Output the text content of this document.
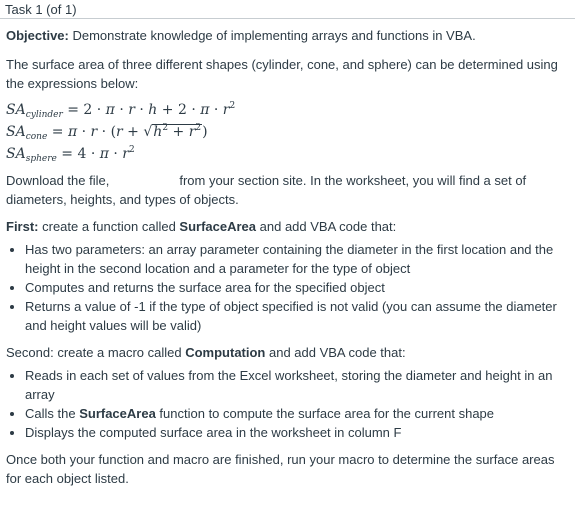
Task 1 (of 1)

Objective: Demonstrate knowledge of implementing arrays and functions in VBA.

The surface area of three different shapes (cylinder, cone, and sphere) can be determined using the expressions below:

$SA_{cylinder} = 2 \cdot \pi \cdot r \cdot h + 2 \cdot \pi \cdot r^2$
$SA_{cone} = \pi \cdot r \cdot (r + √h^2 + r^2)$
$SA_{sphere} = 4 \cdot \pi \cdot r^2$

Download the file,	from your section site. In the worksheet, you will find a set of diameters, heights, and types of objects.

First: create a function called SurfaceArea and add VBA code that:

• Has two parameters: an array parameter containing the diameter in the first location and the height in the second location and a parameter for the type of object
• Computes and returns the surface area for the specified object
• Returns a value of -1 if the type of object specified is not valid (you can assume the diameter and height values will be valid)

Second: create a macro called Computation and add VBA code that:

• Reads in each set of values from the Excel worksheet, storing the diameter and height in an array
• Calls the SurfaceArea function to compute the surface area for the current shape
• Displays the computed surface area in the worksheet in column F

Once both your function and macro are finished, run your macro to determine the surface areas for each object listed.
